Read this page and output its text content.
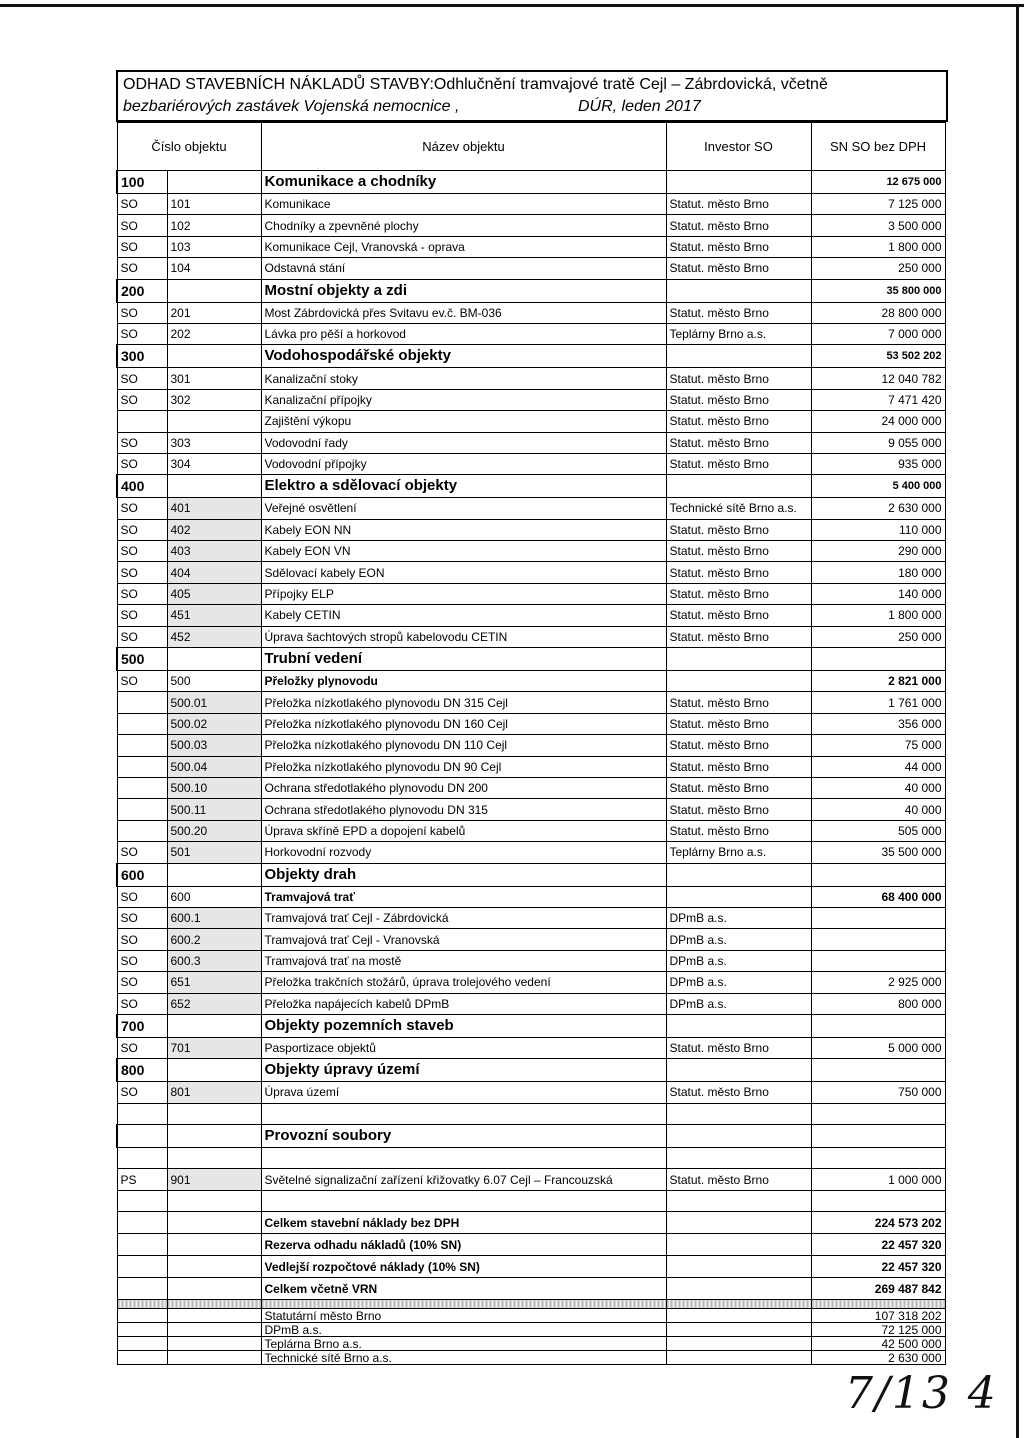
ODHAD STAVEBNÍCH NÁKLADŮ STAVBY:Odhlučnění tramvajové tratě Cejl – Zábrdovická, včetně
bezbariérových zastávek Vojenská nemocnice ,	DÚR, leden 2017
Číslo objektu		Název objektu	Investor SO	SN SO bez DPH
100		Komunikace a chodníky		12 675 000
SO	101	Komunikace	Statut. město Brno	7 125 000
SO	102	Chodníky a zpevněné plochy	Statut. město Brno	3 500 000
SO	103	Komunikace Cejl, Vranovská - oprava	Statut. město Brno	1 800 000
SO	104	Odstavná stání	Statut. město Brno	250 000
200		Mostní objekty a zdi		35 800 000
SO	201	Most Zábrdovická přes Svitavu ev.č. BM-036	Statut. město Brno	28 800 000
SO	202	Lávka pro pěší a horkovod	Teplárny Brno a.s.	7 000 000
300		Vodohospodářské objekty		53 502 202
SO	301	Kanalizační stoky	Statut. město Brno	12 040 782
SO	302	Kanalizační přípojky	Statut. město Brno	7 471 420
		Zajištění výkopu	Statut. město Brno	24 000 000
SO	303	Vodovodní řady	Statut. město Brno	9 055 000
SO	304	Vodovodní přípojky	Statut. město Brno	935 000
400		Elektro a sdělovací objekty		5 400 000
SO	401	Veřejné osvětlení	Technické sítě Brno a.s.	2 630 000
SO	402	Kabely EON NN	Statut. město Brno	110 000
SO	403	Kabely EON VN	Statut. město Brno	290 000
SO	404	Sdělovací kabely EON	Statut. město Brno	180 000
SO	405	Přípojky ELP	Statut. město Brno	140 000
SO	451	Kabely CETIN	Statut. město Brno	1 800 000
SO	452	Úprava šachtových stropů kabelovodu CETIN	Statut. město Brno	250 000
500		Trubní vedení		
SO	500	Přeložky plynovodu		2 821 000
	500.01	Přeložka nízkotlakého plynovodu DN 315 Cejl	Statut. město Brno	1 761 000
	500.02	Přeložka nízkotlakého plynovodu DN 160 Cejl	Statut. město Brno	356 000
	500.03	Přeložka nízkotlakého plynovodu DN 110 Cejl	Statut. město Brno	75 000
	500.04	Přeložka nízkotlakého plynovodu DN 90 Cejl	Statut. město Brno	44 000
	500.10	Ochrana středotlakého plynovodu DN 200	Statut. město Brno	40 000
	500.11	Ochrana středotlakého plynovodu DN 315	Statut. město Brno	40 000
	500.20	Úprava skříně EPD a dopojení kabelů	Statut. město Brno	505 000
SO	501	Horkovodní rozvody	Teplárny Brno a.s.	35 500 000
600		Objekty drah		
SO	600	Tramvajová trať		68 400 000
SO	600.1	Tramvajová trať Cejl - Zábrdovická	DPmB a.s.	
SO	600.2	Tramvajová trať Cejl - Vranovská	DPmB a.s.	
SO	600.3	Tramvajová trať na mostě	DPmB a.s.	
SO	651	Přeložka trakčních stožárů, úprava trolejového vedení	DPmB a.s.	2 925 000
SO	652	Přeložka napájecích kabelů DPmB	DPmB a.s.	800 000
700		Objekty pozemních staveb		
SO	701	Pasportizace objektů	Statut. město Brno	5 000 000
800		Objekty úpravy území		
SO	801	Úprava území	Statut. město Brno	750 000

		Provozní soubory		

PS	901	Světelné signalizační zařízení křižovatky 6.07 Cejl – Francouzská	Statut. město Brno	1 000 000

		Celkem stavební náklady bez DPH		224 573 202
		Rezerva odhadu nákladů (10% SN)		22 457 320
		Vedlejší rozpočtové náklady (10% SN)		22 457 320
		Celkem včetně VRN		269 487 842

		Statutární město Brno		107 318 202
		DPmB a.s.		72 125 000
		Teplárna Brno a.s.		42 500 000
		Technické sítě Brno a.s.		2 630 000
7/13 4
